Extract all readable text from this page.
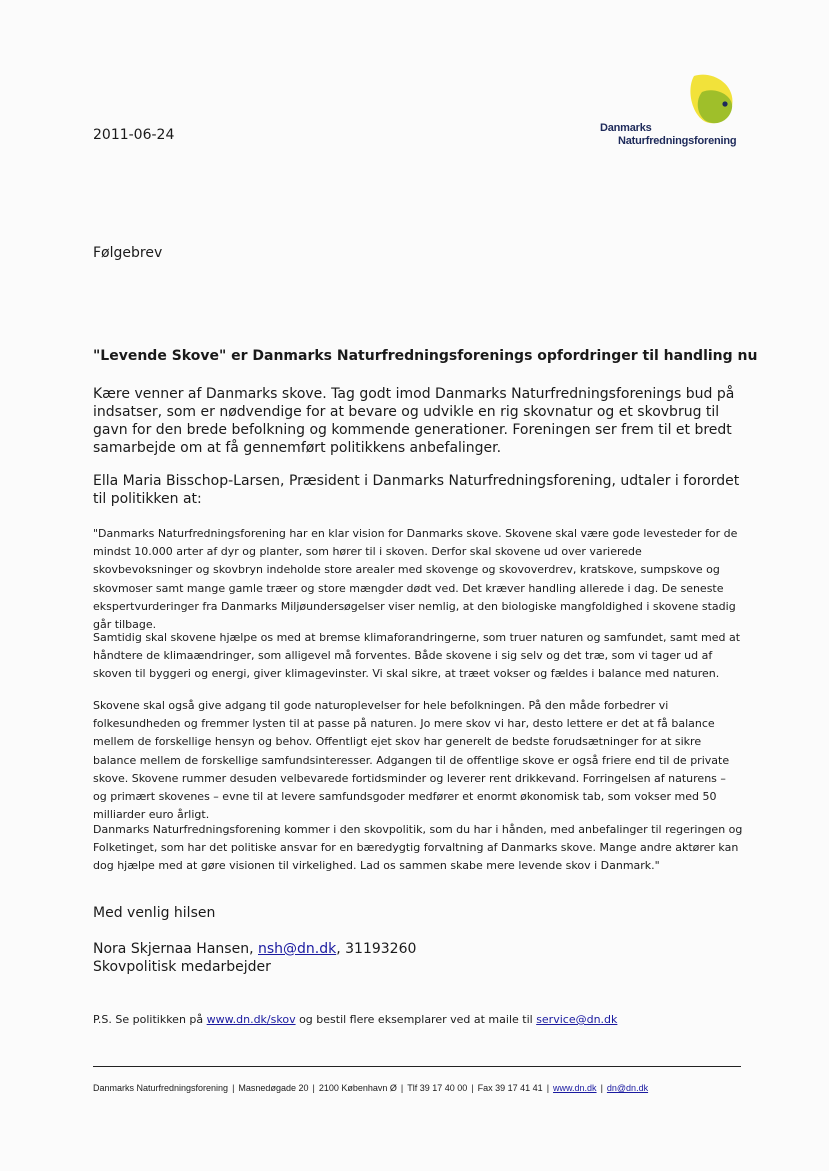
2011-06-24	Danmarks
Naturfredningsforening
Følgebrev
"Levende Skove" er Danmarks Naturfredningsforenings opfordringer til handling nu

Kære venner af Danmarks skove. Tag godt imod Danmarks Naturfredningsforenings bud på indsatser, som er nødvendige for at bevare og udvikle en rig skovnatur og et skovbrug til gavn for den brede befolkning og kommende generationer. Foreningen ser frem til et bredt samarbejde om at få gennemført politikkens anbefalinger.

Ella Maria Bisschop-Larsen, Præsident i Danmarks Naturfredningsforening, udtaler i forordet til politikken at:

"Danmarks Naturfredningsforening har en klar vision for Danmarks skove. Skovene skal være gode levesteder for de mindst 10.000 arter af dyr og planter, som hører til i skoven. Derfor skal skovene ud over varierede skovbevoksninger og skovbryn indeholde store arealer med skovenge og skovoverdrev, kratskove, sumpskove og skovmoser samt mange gamle træer og store mængder dødt ved. Det kræver handling allerede i dag. De seneste ekspertvurderinger fra Danmarks Miljøundersøgelser viser nemlig, at den biologiske mangfoldighed i skovene stadig går tilbage.

Samtidig skal skovene hjælpe os med at bremse klimaforandringerne, som truer naturen og samfundet, samt med at håndtere de klimaændringer, som alligevel må forventes. Både skovene i sig selv og det træ, som vi tager ud af skoven til byggeri og energi, giver klimagevinster. Vi skal sikre, at træet vokser og fældes i balance med naturen.

Skovene skal også give adgang til gode naturoplevelser for hele befolkningen. På den måde forbedrer vi folkesundheden og fremmer lysten til at passe på naturen. Jo mere skov vi har, desto lettere er det at få balance mellem de forskellige hensyn og behov. Offentligt ejet skov har generelt de bedste forudsætninger for at sikre balance mellem de forskellige samfundsinteresser. Adgangen til de offentlige skove er også friere end til de private skove. Skovene rummer desuden velbevarede fortidsminder og leverer rent drikkevand. Forringelsen af naturens – og primært skovenes – evne til at levere samfundsgoder medfører et enormt økonomisk tab, som vokser med 50 milliarder euro årligt.

Danmarks Naturfredningsforening kommer i den skovpolitik, som du har i hånden, med anbefalinger til regeringen og Folketinget, som har det politiske ansvar for en bæredygtig forvaltning af Danmarks skove. Mange andre aktører kan dog hjælpe med at gøre visionen til virkelighed. Lad os sammen skabe mere levende skov i Danmark."

Med venlig hilsen
Nora Skjernaa Hansen, nsh@dn.dk, 31193260
Skovpolitisk medarbejder
P.S. Se politikken på www.dn.dk/skov og bestil flere eksemplarer ved at maile til service@dn.dk
Danmarks Naturfredningsforening | Masnedøgade 20 | 2100 København Ø | Tlf 39 17 40 00 | Fax 39 17 41 41 | www.dn.dk | dn@dn.dk
